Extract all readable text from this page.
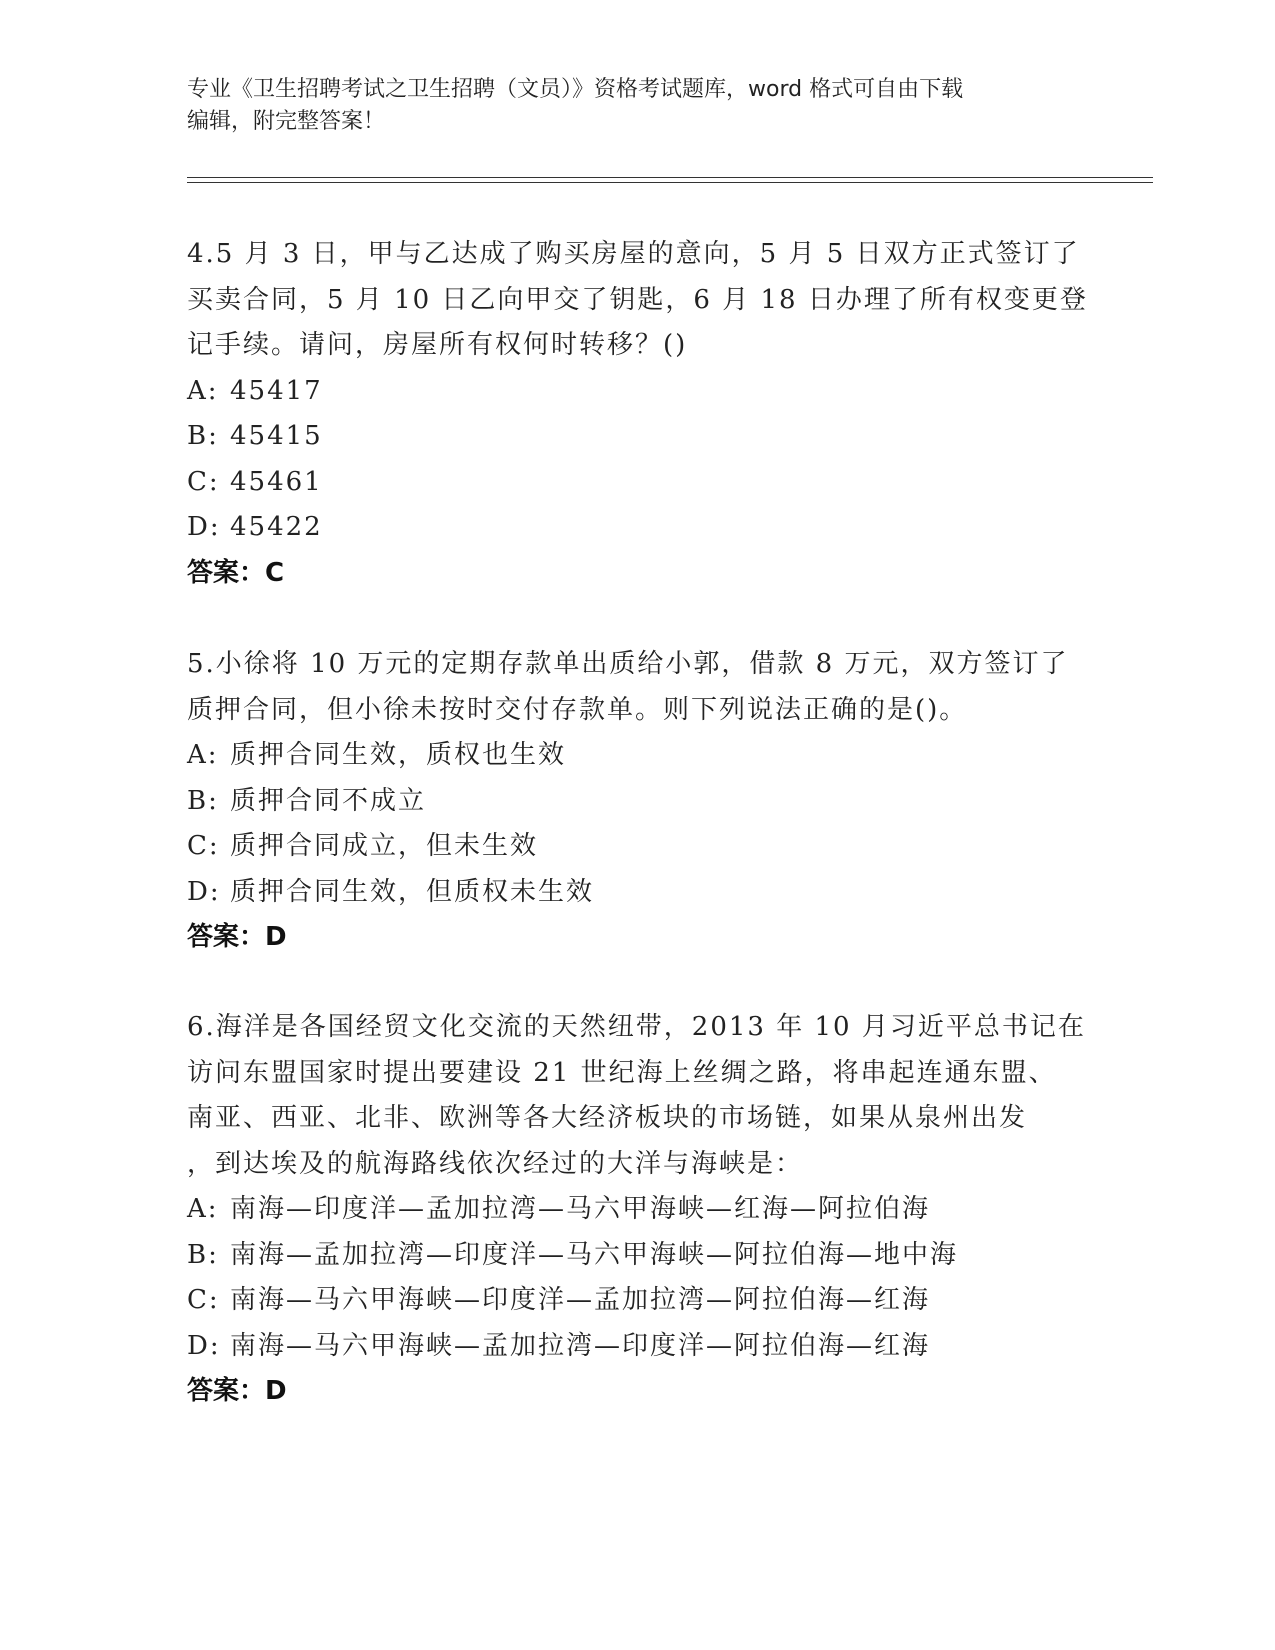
专业《卫生招聘考试之卫生招聘（文员）》资格考试题库，word 格式可自由下载
编辑，附完整答案！
4.5 月 3 日，甲与乙达成了购买房屋的意向，5 月 5 日双方正式签订了
买卖合同，5 月 10 日乙向甲交了钥匙，6 月 18 日办理了所有权变更登
记手续。请问，房屋所有权何时转移？()
A: 45417
B: 45415
C: 45461
D: 45422
答案：C
5.小徐将 10 万元的定期存款单出质给小郭，借款 8 万元，双方签订了
质押合同，但小徐未按时交付存款单。则下列说法正确的是()。
A: 质押合同生效，质权也生效
B: 质押合同不成立
C: 质押合同成立，但未生效
D: 质押合同生效，但质权未生效
答案：D
6.海洋是各国经贸文化交流的天然纽带，2013 年 10 月习近平总书记在
访问东盟国家时提出要建设 21 世纪海上丝绸之路，将串起连通东盟、
南亚、西亚、北非、欧洲等各大经济板块的市场链，如果从泉州出发
，到达埃及的航海路线依次经过的大洋与海峡是：
A: 南海—印度洋—孟加拉湾—马六甲海峡—红海—阿拉伯海
B: 南海—孟加拉湾—印度洋—马六甲海峡—阿拉伯海—地中海
C: 南海—马六甲海峡—印度洋—孟加拉湾—阿拉伯海—红海
D: 南海—马六甲海峡—孟加拉湾—印度洋—阿拉伯海—红海
答案：D
